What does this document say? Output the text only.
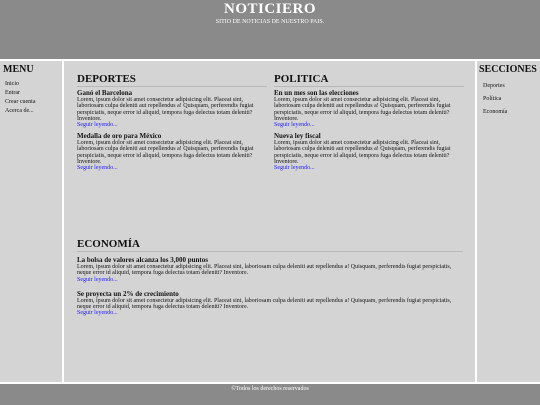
NOTICIERO
SITIO DE NOTICIAS DE NUESTRO PAIS.
MENU
Inicio
Entrar
Crear cuenta
Acerca de...
DEPORTES
Ganó el Barcelona
Lorem, ipsum dolor sit amet consectetur adipisicing elit. Placeat sint, laboriosam culpa deleniti aut repellendus a! Quisquam, perferendis fugiat perspiciatis, neque error id aliquid, tempora fuga delectus totam deleniti? Inventore.
Seguir leyendo...
Medalla de oro para México
Lorem, ipsum dolor sit amet consectetur adipisicing elit. Placeat sint, laboriosam culpa deleniti aut repellendus a! Quisquam, perferendis fugiat perspiciatis, neque error id aliquid, tempora fuga delectus totam deleniti? Inventore.
Seguir leyendo...
POLITICA
En un mes son las elecciones
Lorem, ipsum dolor sit amet consectetur adipisicing elit. Placeat sint, laboriosam culpa deleniti aut repellendus a! Quisquam, perferendis fugiat perspiciatis, neque error id aliquid, tempora fuga delectus totam deleniti? Inventore.
Seguir leyendo...
Nueva ley fiscal
Lorem, ipsum dolor sit amet consectetur adipisicing elit. Placeat sint, laboriosam culpa deleniti aut repellendus a! Quisquam, perferendis fugiat perspiciatis, neque error id aliquid, tempora fuga delectus totam deleniti? Inventore.
Seguir leyendo...
ECONOMÍA
La bolsa de valores alcanza los 3,000 puntos
Lorem, ipsum dolor sit amet consectetur adipisicing elit. Placeat sint, laboriosam culpa deleniti aut repellendus a! Quisquam, perferendis fugiat perspiciatis, neque error id aliquid, tempora fuga delectus totam deleniti? Inventore.
Seguir leyendo...
Se proyecta un 2% de crecimiento
Lorem, ipsum dolor sit amet consectetur adipisicing elit. Placeat sint, laboriosam culpa deleniti aut repellendus a! Quisquam, perferendis fugiat perspiciatis, neque error id aliquid, tempora fuga delectus totam deleniti? Inventore.
Seguir leyendo...
SECCIONES
Deportes
Política
Economía
©Todos los derechos reservados
